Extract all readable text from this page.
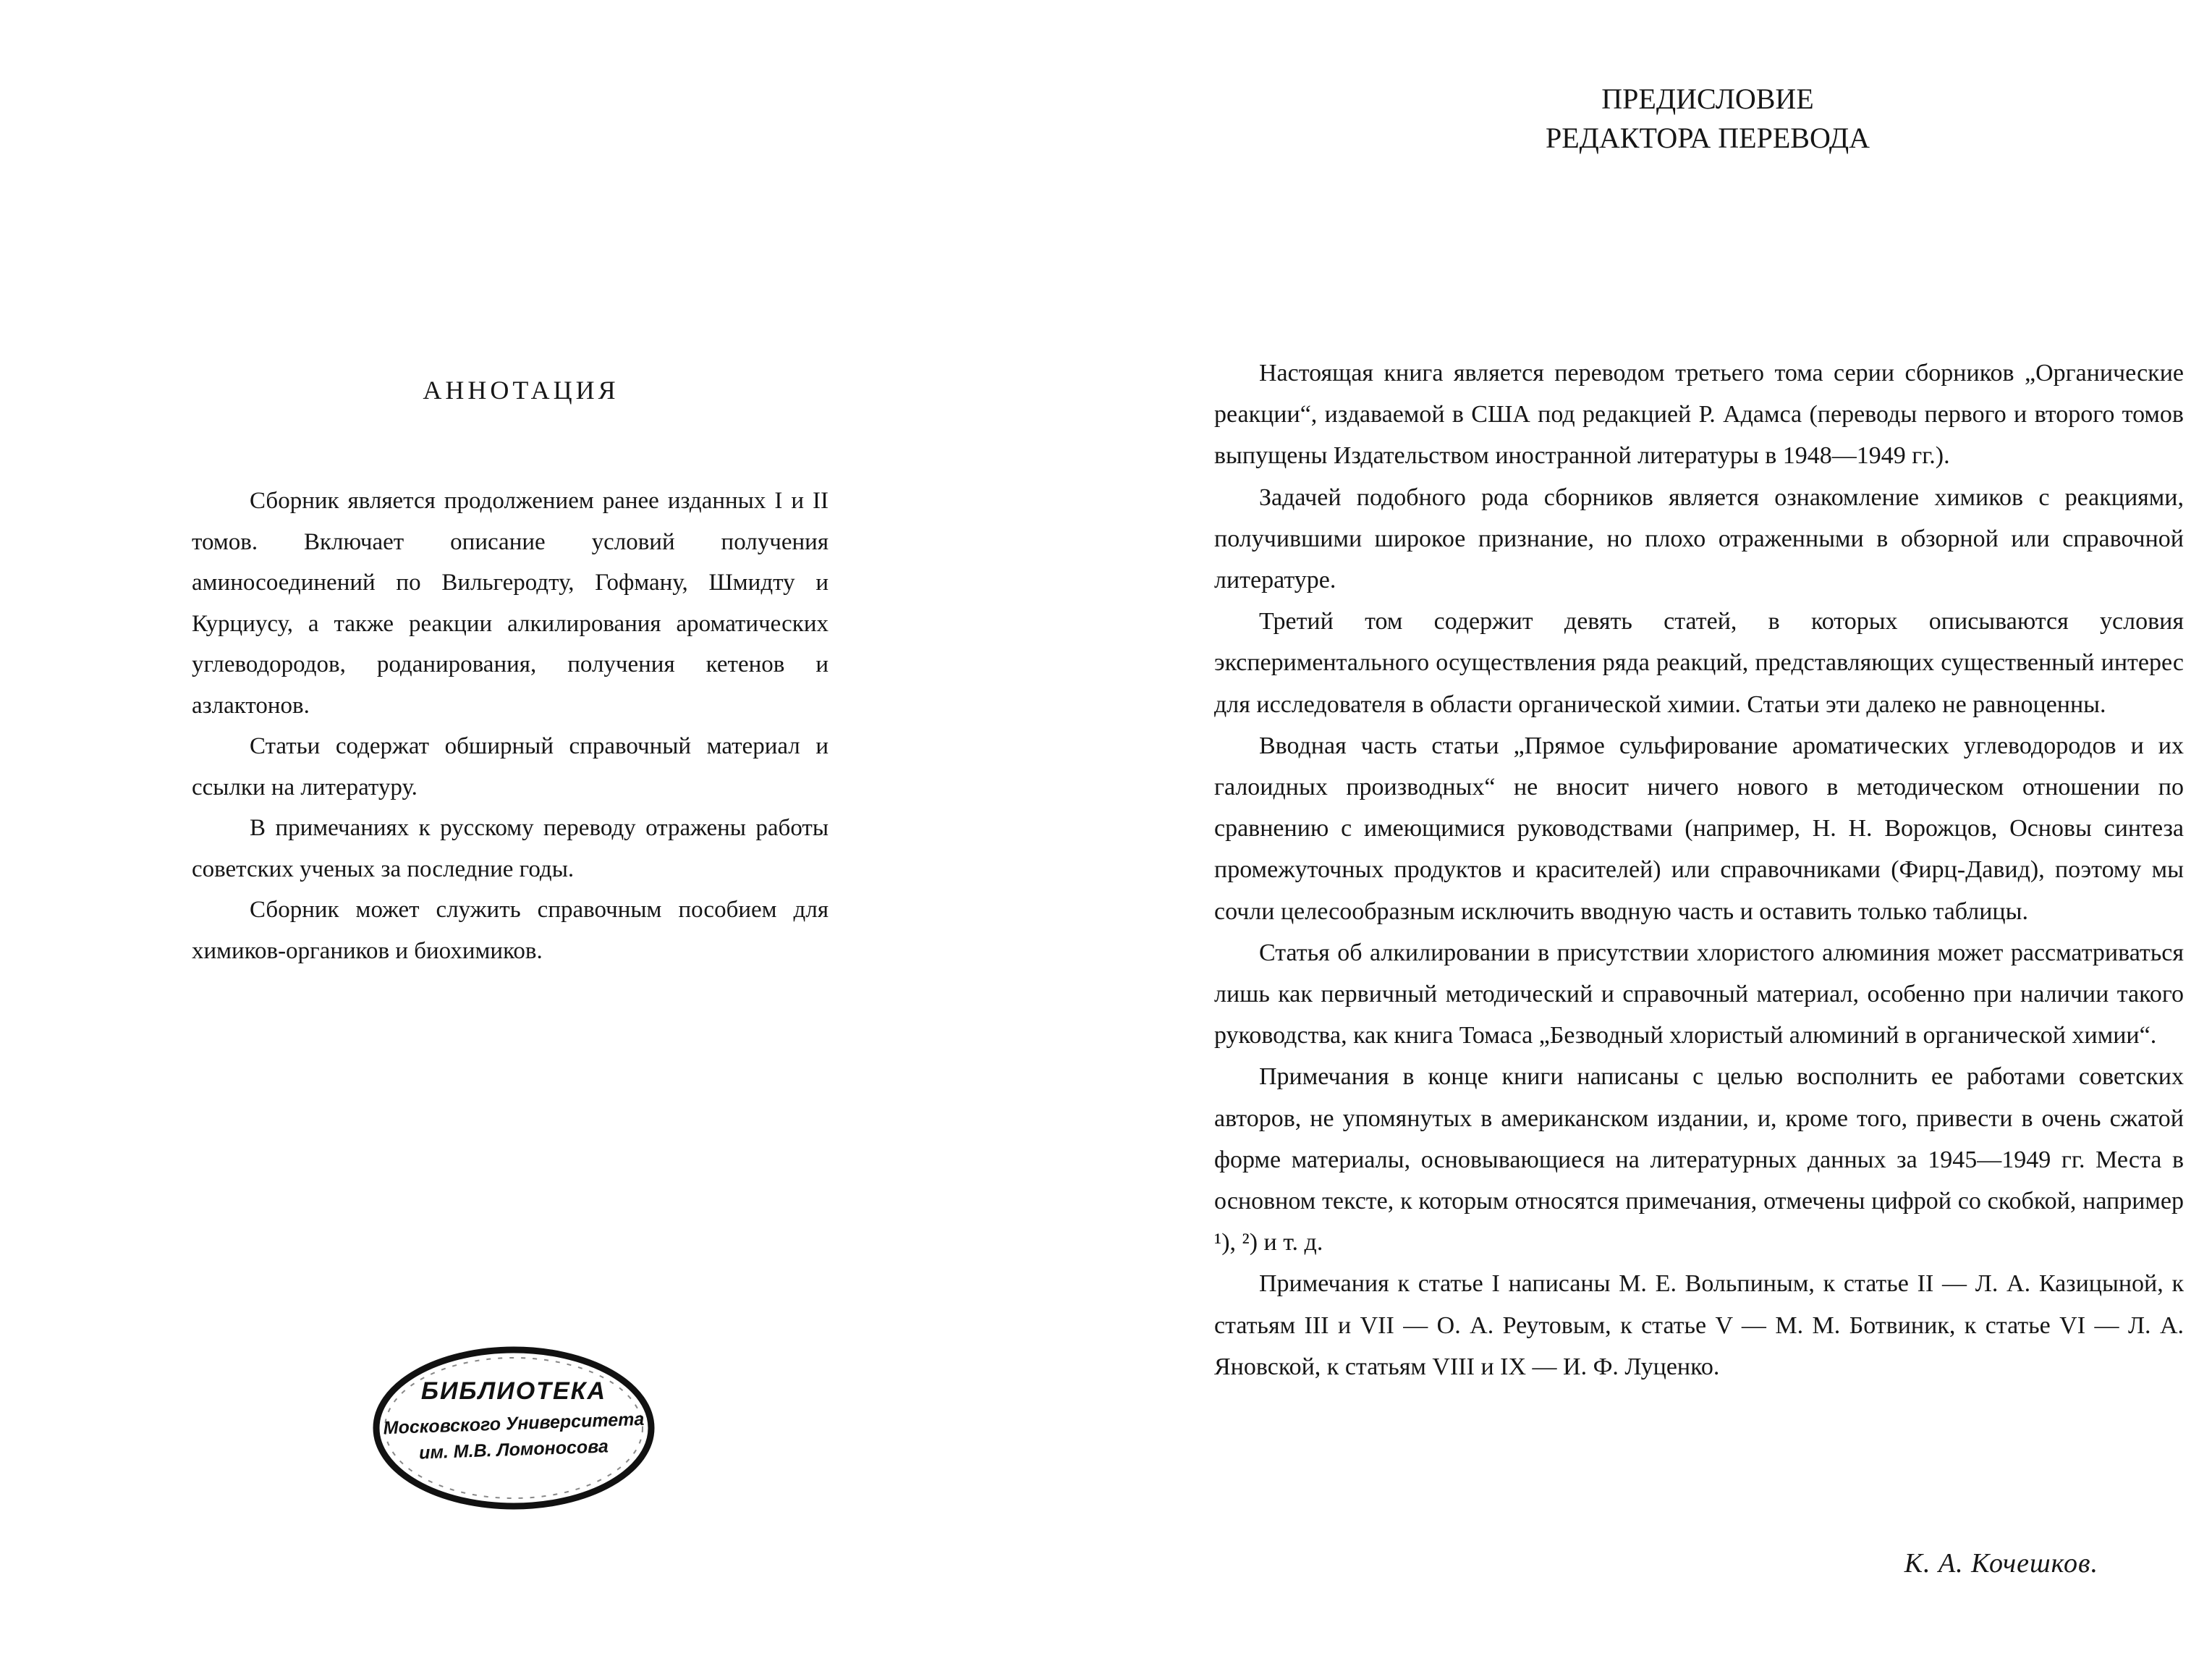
АННОТАЦИЯ

Сборник является продолжением ранее изданных I и II томов. Включает описание условий получения аминосоединений по Вильгеродту, Гофману, Шмидту и Курциусу, а также реакции алкилирования ароматических углеводородов, роданирования, получения кетенов и азлактонов.

Статьи содержат обширный справочный материал и ссылки на литературу.

В примечаниях к русскому переводу отражены работы советских ученых за последние годы.

Сборник может служить справочным пособием для химиков-органиков и биохимиков.

БИБЛИОТЕКА
Московского Университета
им. М.В. Ломоносова
ПРЕДИСЛОВИЕ
РЕДАКТОРА ПЕРЕВОДА

Настоящая книга является переводом третьего тома серии сборников „Органические реакции“, издаваемой в США под редакцией Р. Адамса (переводы первого и второго томов выпущены Издательством иностранной литературы в 1948—1949 гг.).

Задачей подобного рода сборников является ознакомление химиков с реакциями, получившими широкое признание, но плохо отраженными в обзорной или справочной литературе.

Третий том содержит девять статей, в которых описываются условия экспериментального осуществления ряда реакций, представляющих существенный интерес для исследователя в области органической химии. Статьи эти далеко не равноценны.

Вводная часть статьи „Прямое сульфирование ароматических углеводородов и их галоидных производных“ не вносит ничего нового в методическом отношении по сравнению с имеющимися руководствами (например, Н. Н. Ворожцов, Основы синтеза промежуточных продуктов и красителей) или справочниками (Фирц-Давид), поэтому мы сочли целесообразным исключить вводную часть и оставить только таблицы.

Статья об алкилировании в присутствии хлористого алюминия может рассматриваться лишь как первичный методический и справочный материал, особенно при наличии такого руководства, как книга Томаса „Безводный хлористый алюминий в органической химии“.

Примечания в конце книги написаны с целью восполнить ее работами советских авторов, не упомянутых в американском издании, и, кроме того, привести в очень сжатой форме материалы, основывающиеся на литературных данных за 1945—1949 гг. Места в основном тексте, к которым относятся примечания, отмечены цифрой со скобкой, например ¹), ²) и т. д.

Примечания к статье I написаны М. Е. Вольпиным, к статье II — Л. А. Казицыной, к статьям III и VII — О. А. Реутовым, к статье V — М. М. Ботвиник, к статье VI — Л. А. Яновской, к статьям VIII и IX — И. Ф. Луценко.

К. А. Кочешков.
